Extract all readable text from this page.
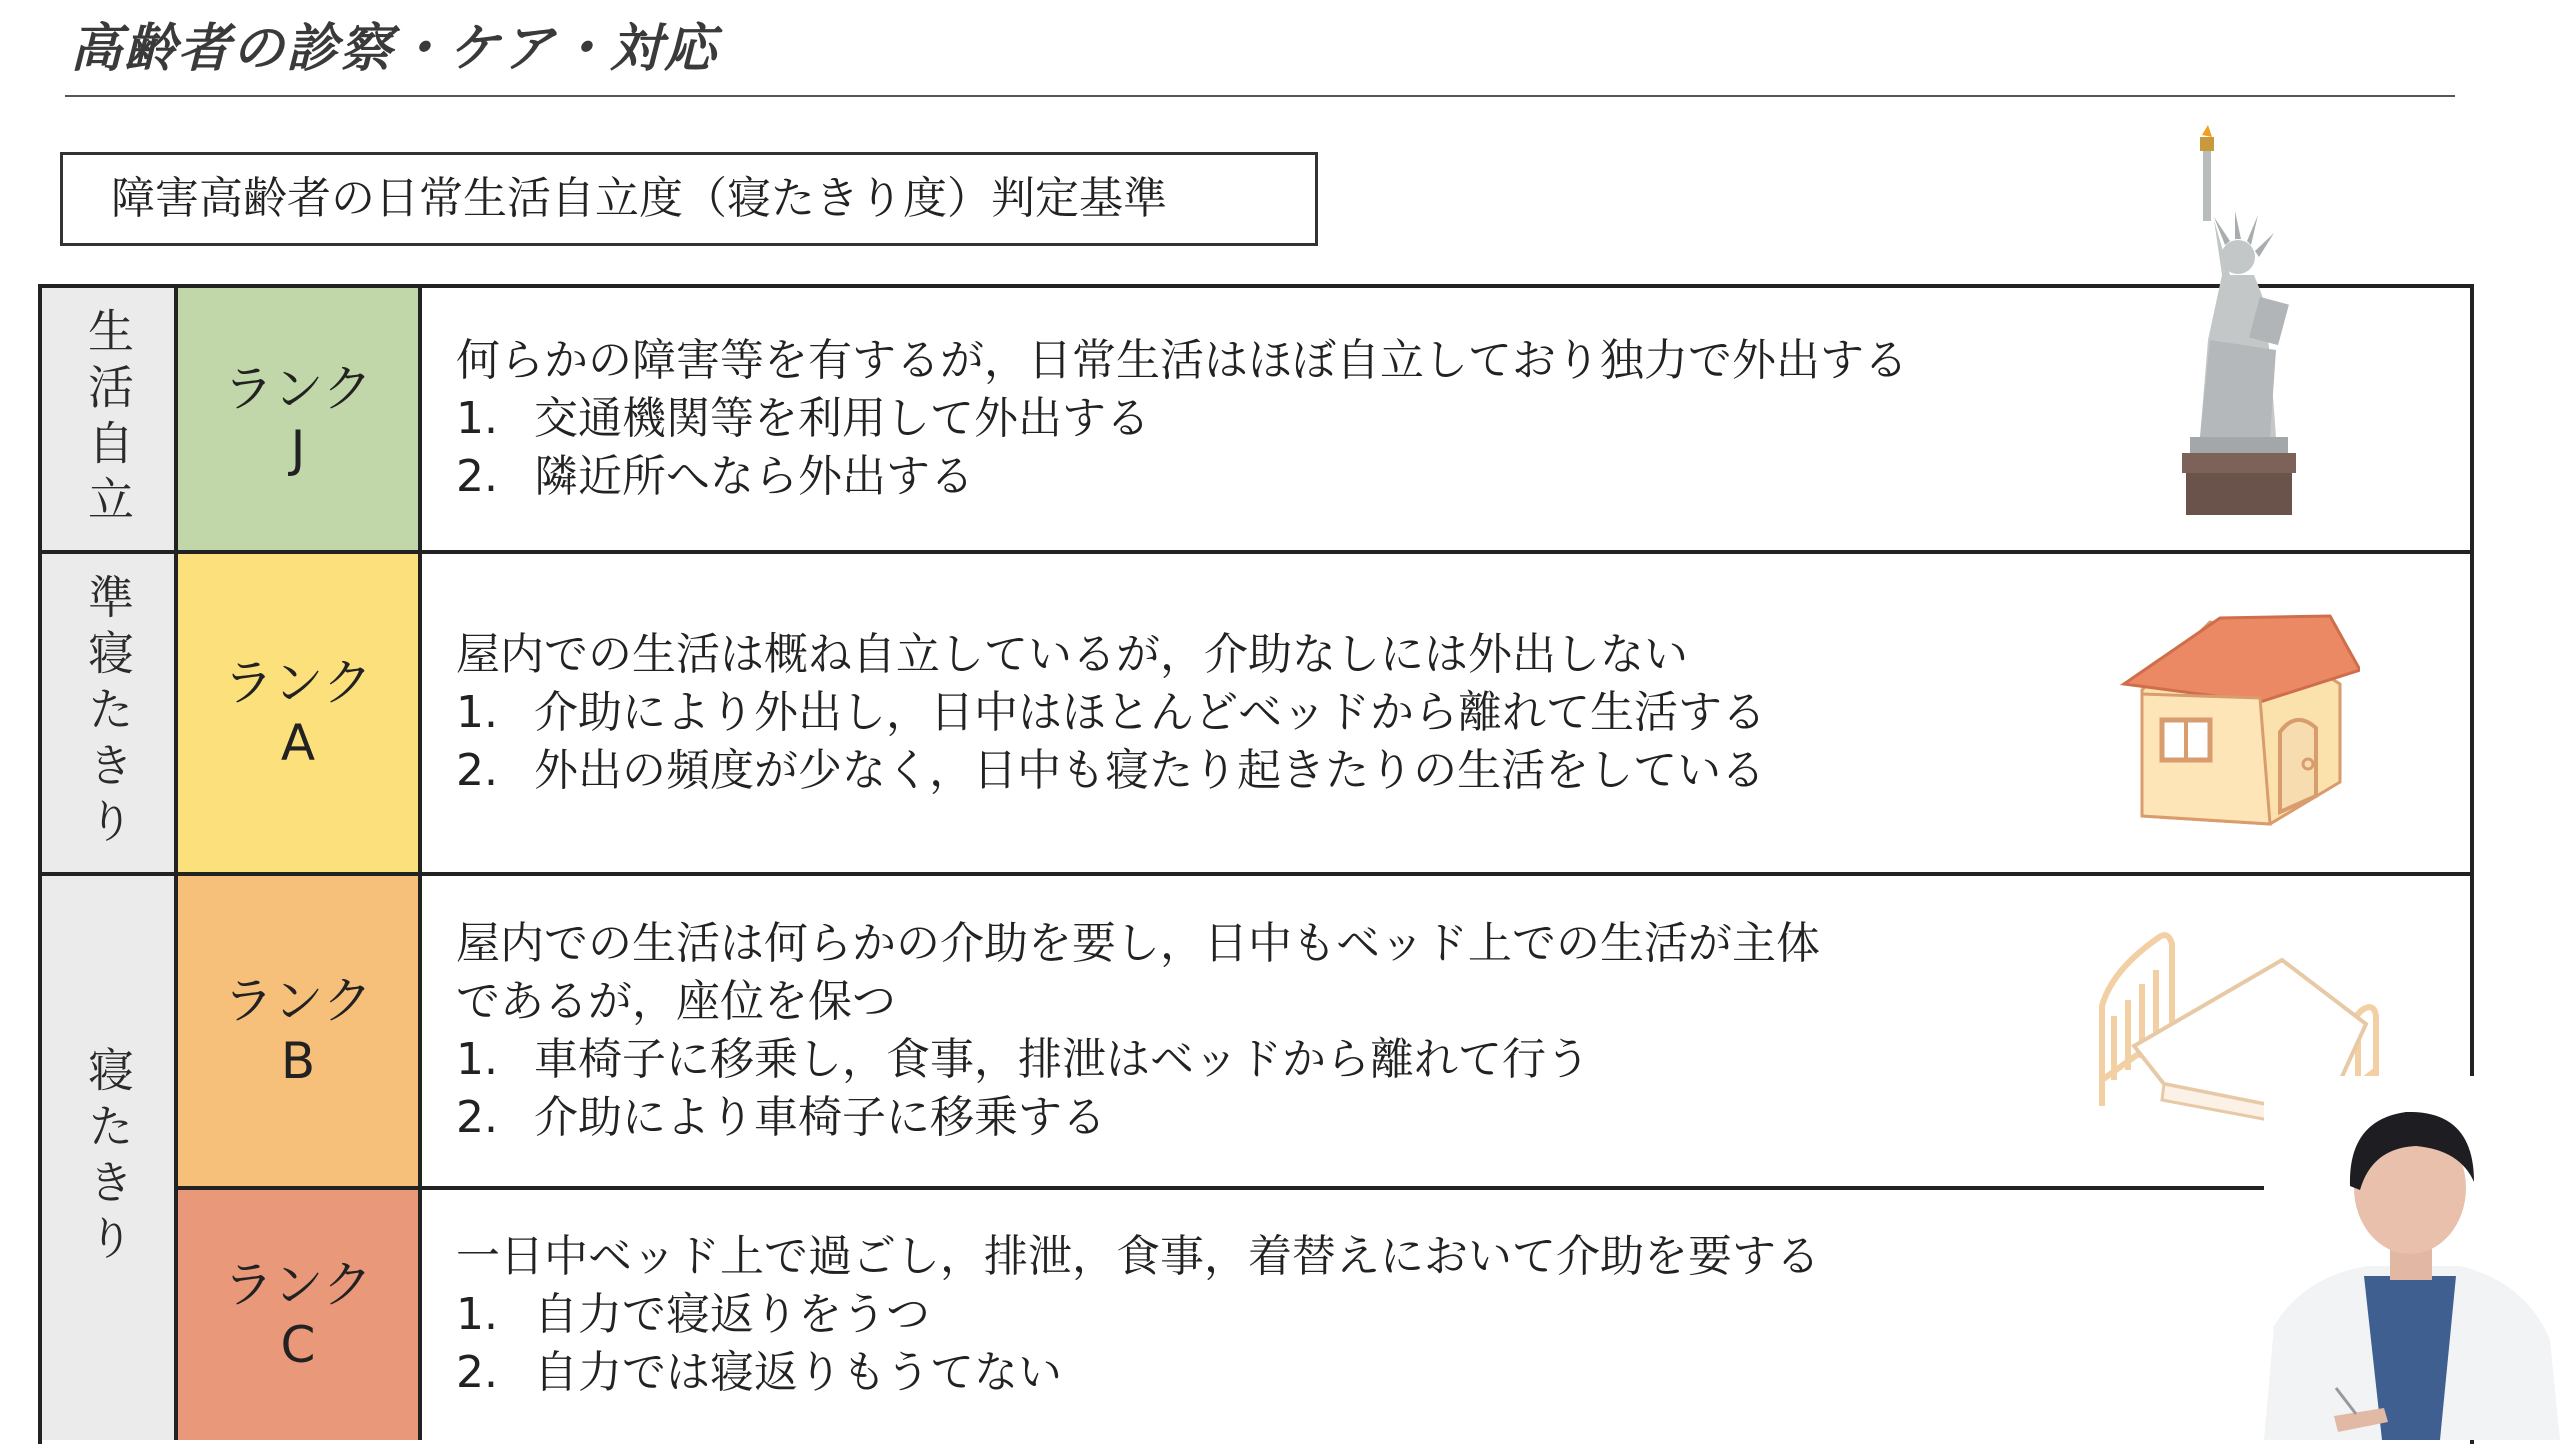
高齢者の診察・ケア・対応
障害高齢者の日常生活自立度（寝たきり度）判定基準
生活自立
準寝たきり
寝たきり
ランク
J
ランク
A
ランク
B
ランク
C
何らかの障害等を有するが，日常生活はほぼ自立しており独力で外出する
1. 交通機関等を利用して外出する
2. 隣近所へなら外出する
屋内での生活は概ね自立しているが，介助なしには外出しない
1. 介助により外出し，日中はほとんどベッドから離れて生活する
2. 外出の頻度が少なく，日中も寝たり起きたりの生活をしている
屋内での生活は何らかの介助を要し，日中もベッド上での生活が主体
であるが，座位を保つ
1. 車椅子に移乗し，食事，排泄はベッドから離れて行う
2. 介助により車椅子に移乗する
一日中ベッド上で過ごし，排泄，食事，着替えにおいて介助を要する
1. 自力で寝返りをうつ
2. 自力では寝返りもうてない
